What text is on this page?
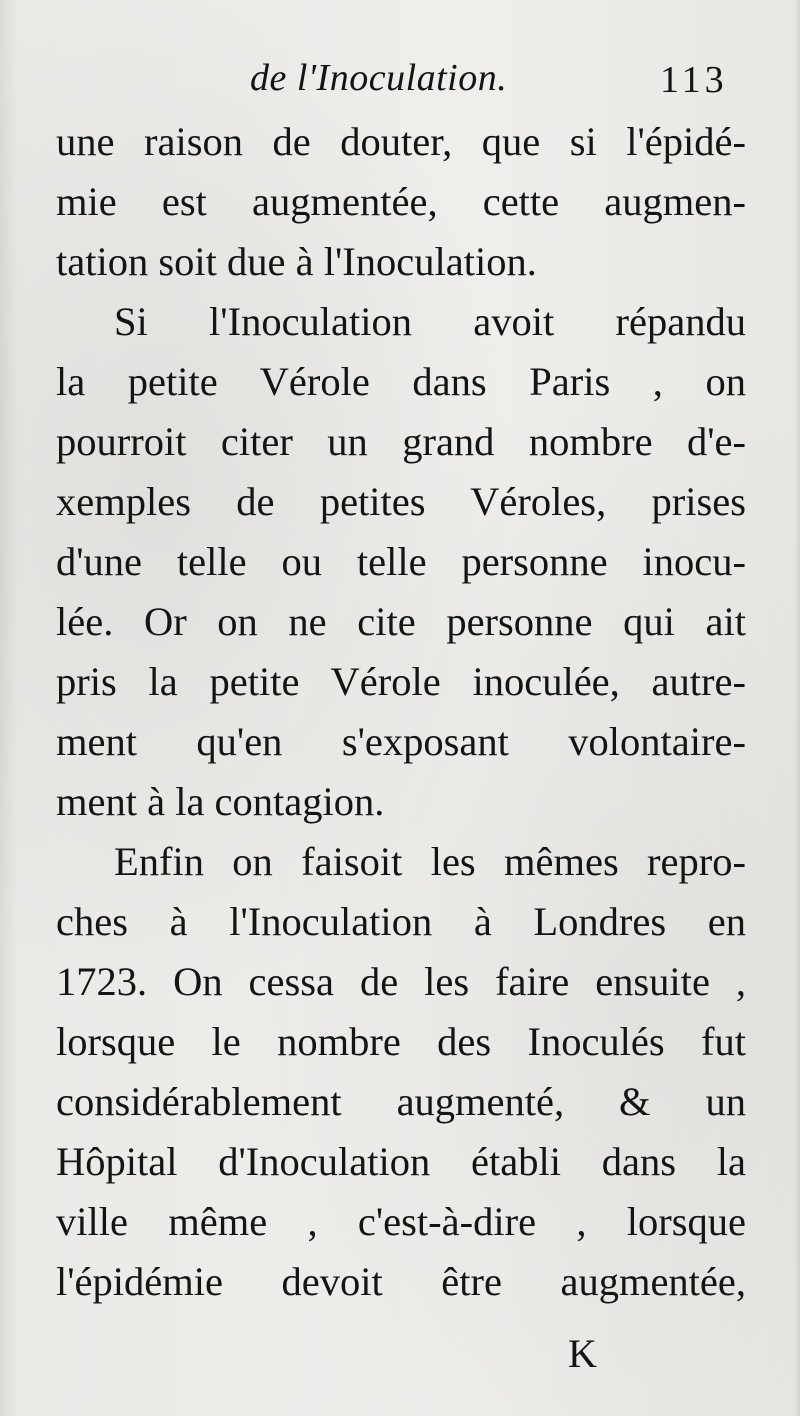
de l'Inoculation.	113
une raison de douter, que si l'épidé-
mie est augmentée, cette augmen-
tation soit due à l'Inoculation.
Si l'Inoculation avoit répandu
la petite Vérole dans Paris , on
pourroit citer un grand nombre d'e-
xemples de petites Véroles, prises
d'une telle ou telle personne inocu-
lée. Or on ne cite personne qui ait
pris la petite Vérole inoculée, autre-
ment qu'en s'exposant volontaire-
ment à la contagion.
Enfin on faisoit les mêmes repro-
ches à l'Inoculation à Londres en
1723. On cessa de les faire ensuite ,
lorsque le nombre des Inoculés fut
considérablement augmenté, & un
Hôpital d'Inoculation établi dans la
ville même , c'est-à-dire , lorsque
l'épidémie devoit être augmentée,
K
